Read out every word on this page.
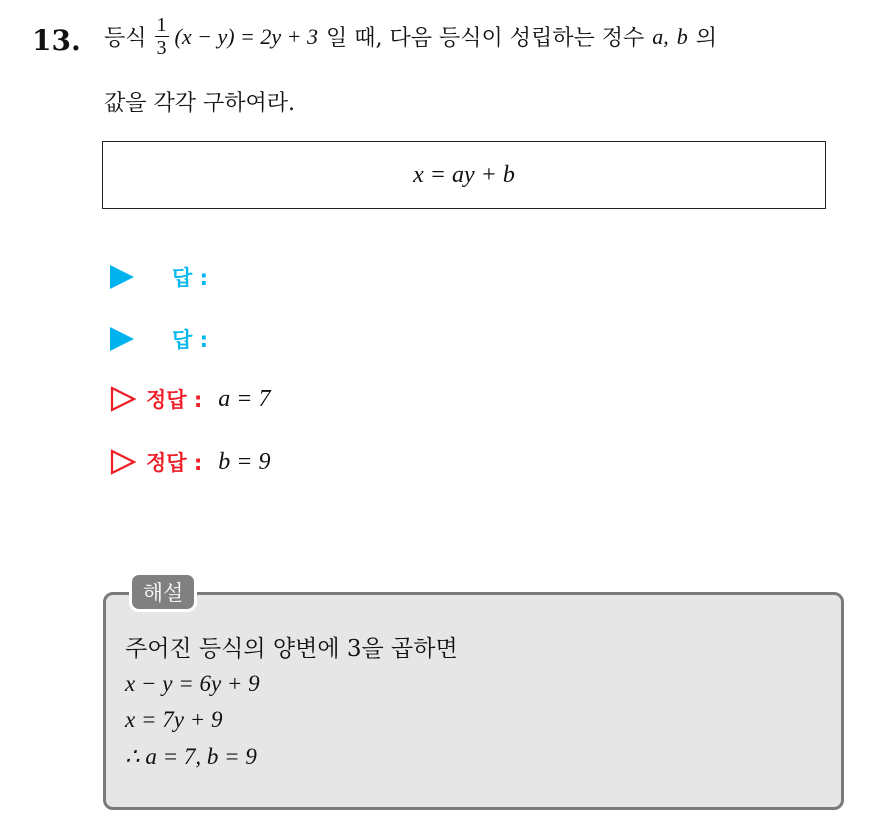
13. 등식 $\frac{1}{3} (x - y) = 2y + 3$ 일 때, 다음 등식이 성립하는 정수 a, b 의
값을 각각 구하여라.
x = ay + b
답 :
답 :
정답 : a = 7
정답 : b = 9
해설
주어진 등식의 양변에 3을 곱하면
x − y = 6y + 9
x = 7y + 9
∴ a = 7, b = 9
